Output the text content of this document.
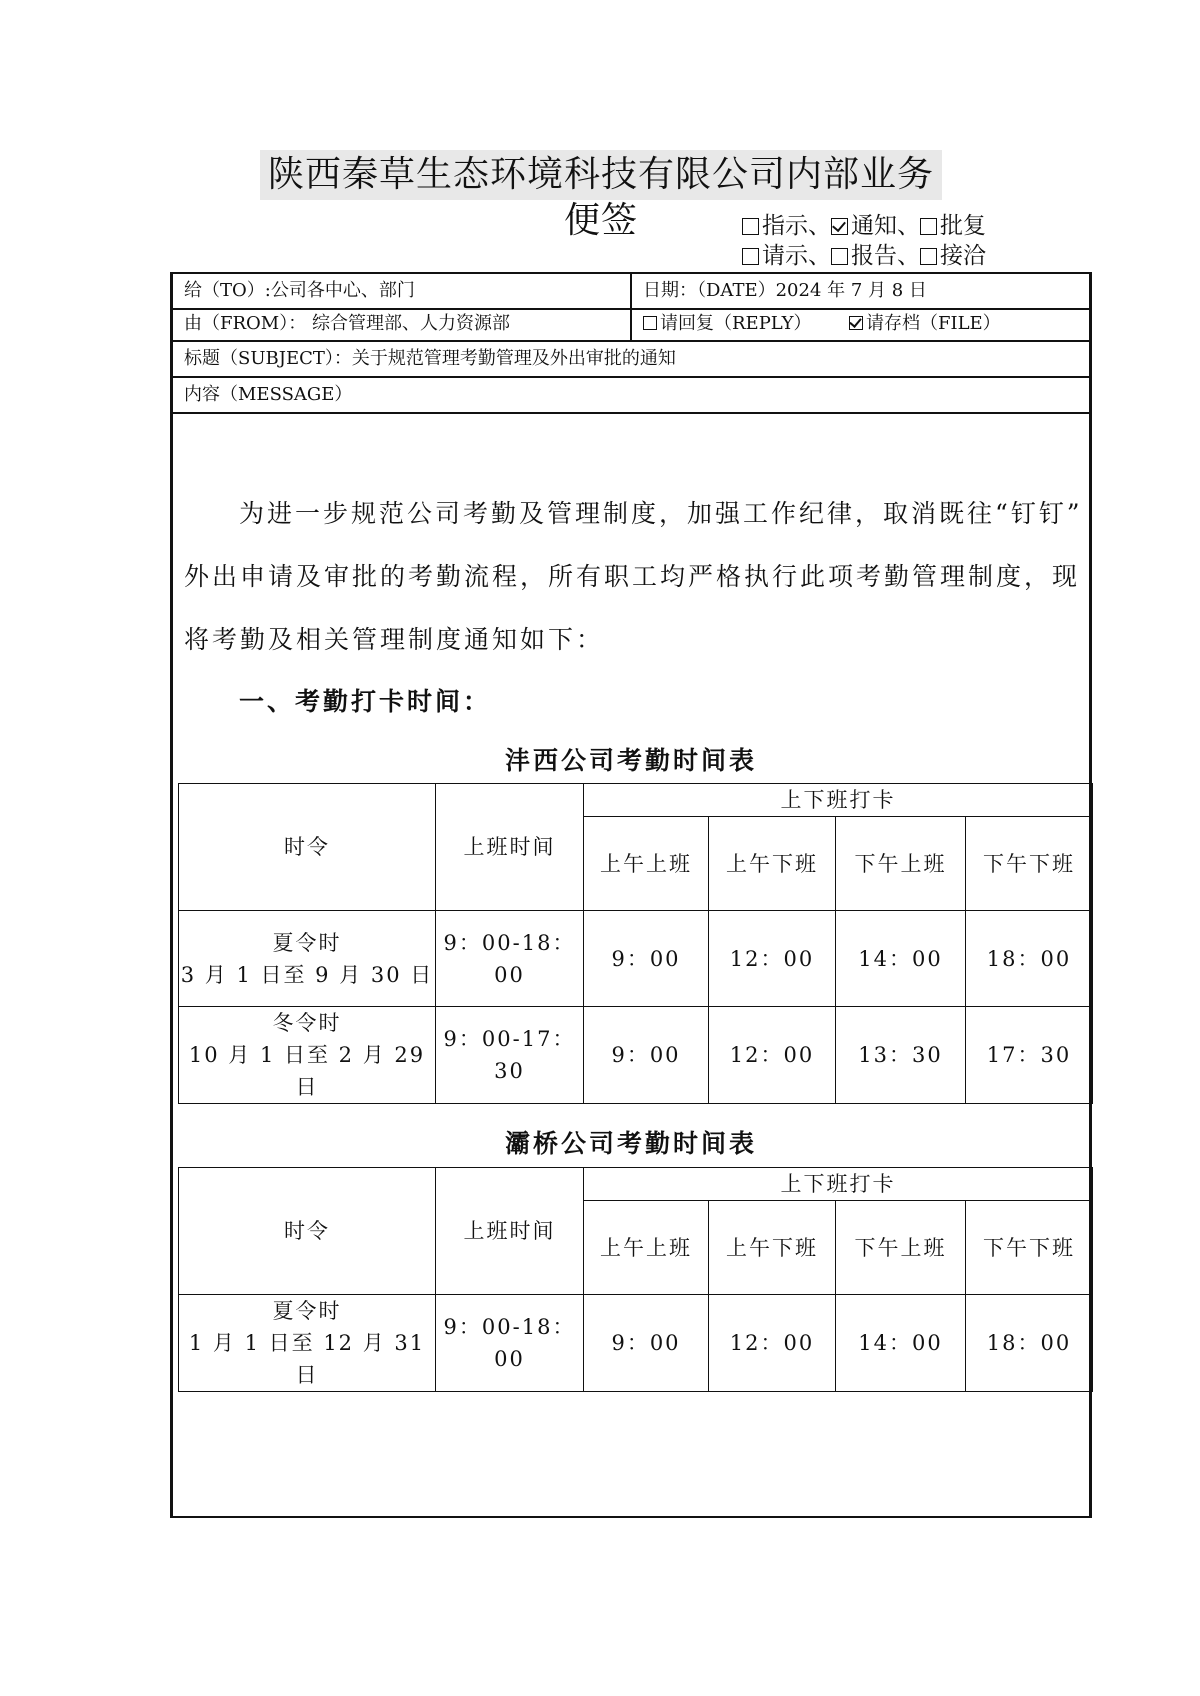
陕西秦草生态环境科技有限公司内部业务便签	指示、 通知、 批复
请示、 报告、 接洽
给（TO）:公司各中心、部门	日期：（DATE）2024 年 7 月 8 日
由（FROM）： 综合管理部、人力资源部	请回复（REPLY）	请存档（FILE）
标题（SUBJECT）：关于规范管理考勤管理及外出审批的通知
内容（MESSAGE）
为进一步规范公司考勤及管理制度，加强工作纪律，取消既往“钉钉”
外出申请及审批的考勤流程，所有职工均严格执行此项考勤管理制度，现
将考勤及相关管理制度通知如下：
一、考勤打卡时间：
沣西公司考勤时间表
时令	上班时间	上下班打卡			
		上午上班	上午下班	下午上班	下午下班

夏令时
3 月 1 日至 9 月 30 日	9：00-18：00	9：00	12：00	14：00	18：00

冬令时
10 月 1 日至 2 月 29 日	9：00-17：30	9：00	12：00	13：30	17：30
灞桥公司考勤时间表
时令	上班时间	上下班打卡			
		上午上班	上午下班	下午上班	下午下班

夏令时
1 月 1 日至 12 月 31 日	9：00-18：00	9：00	12：00	14：00	18：00
